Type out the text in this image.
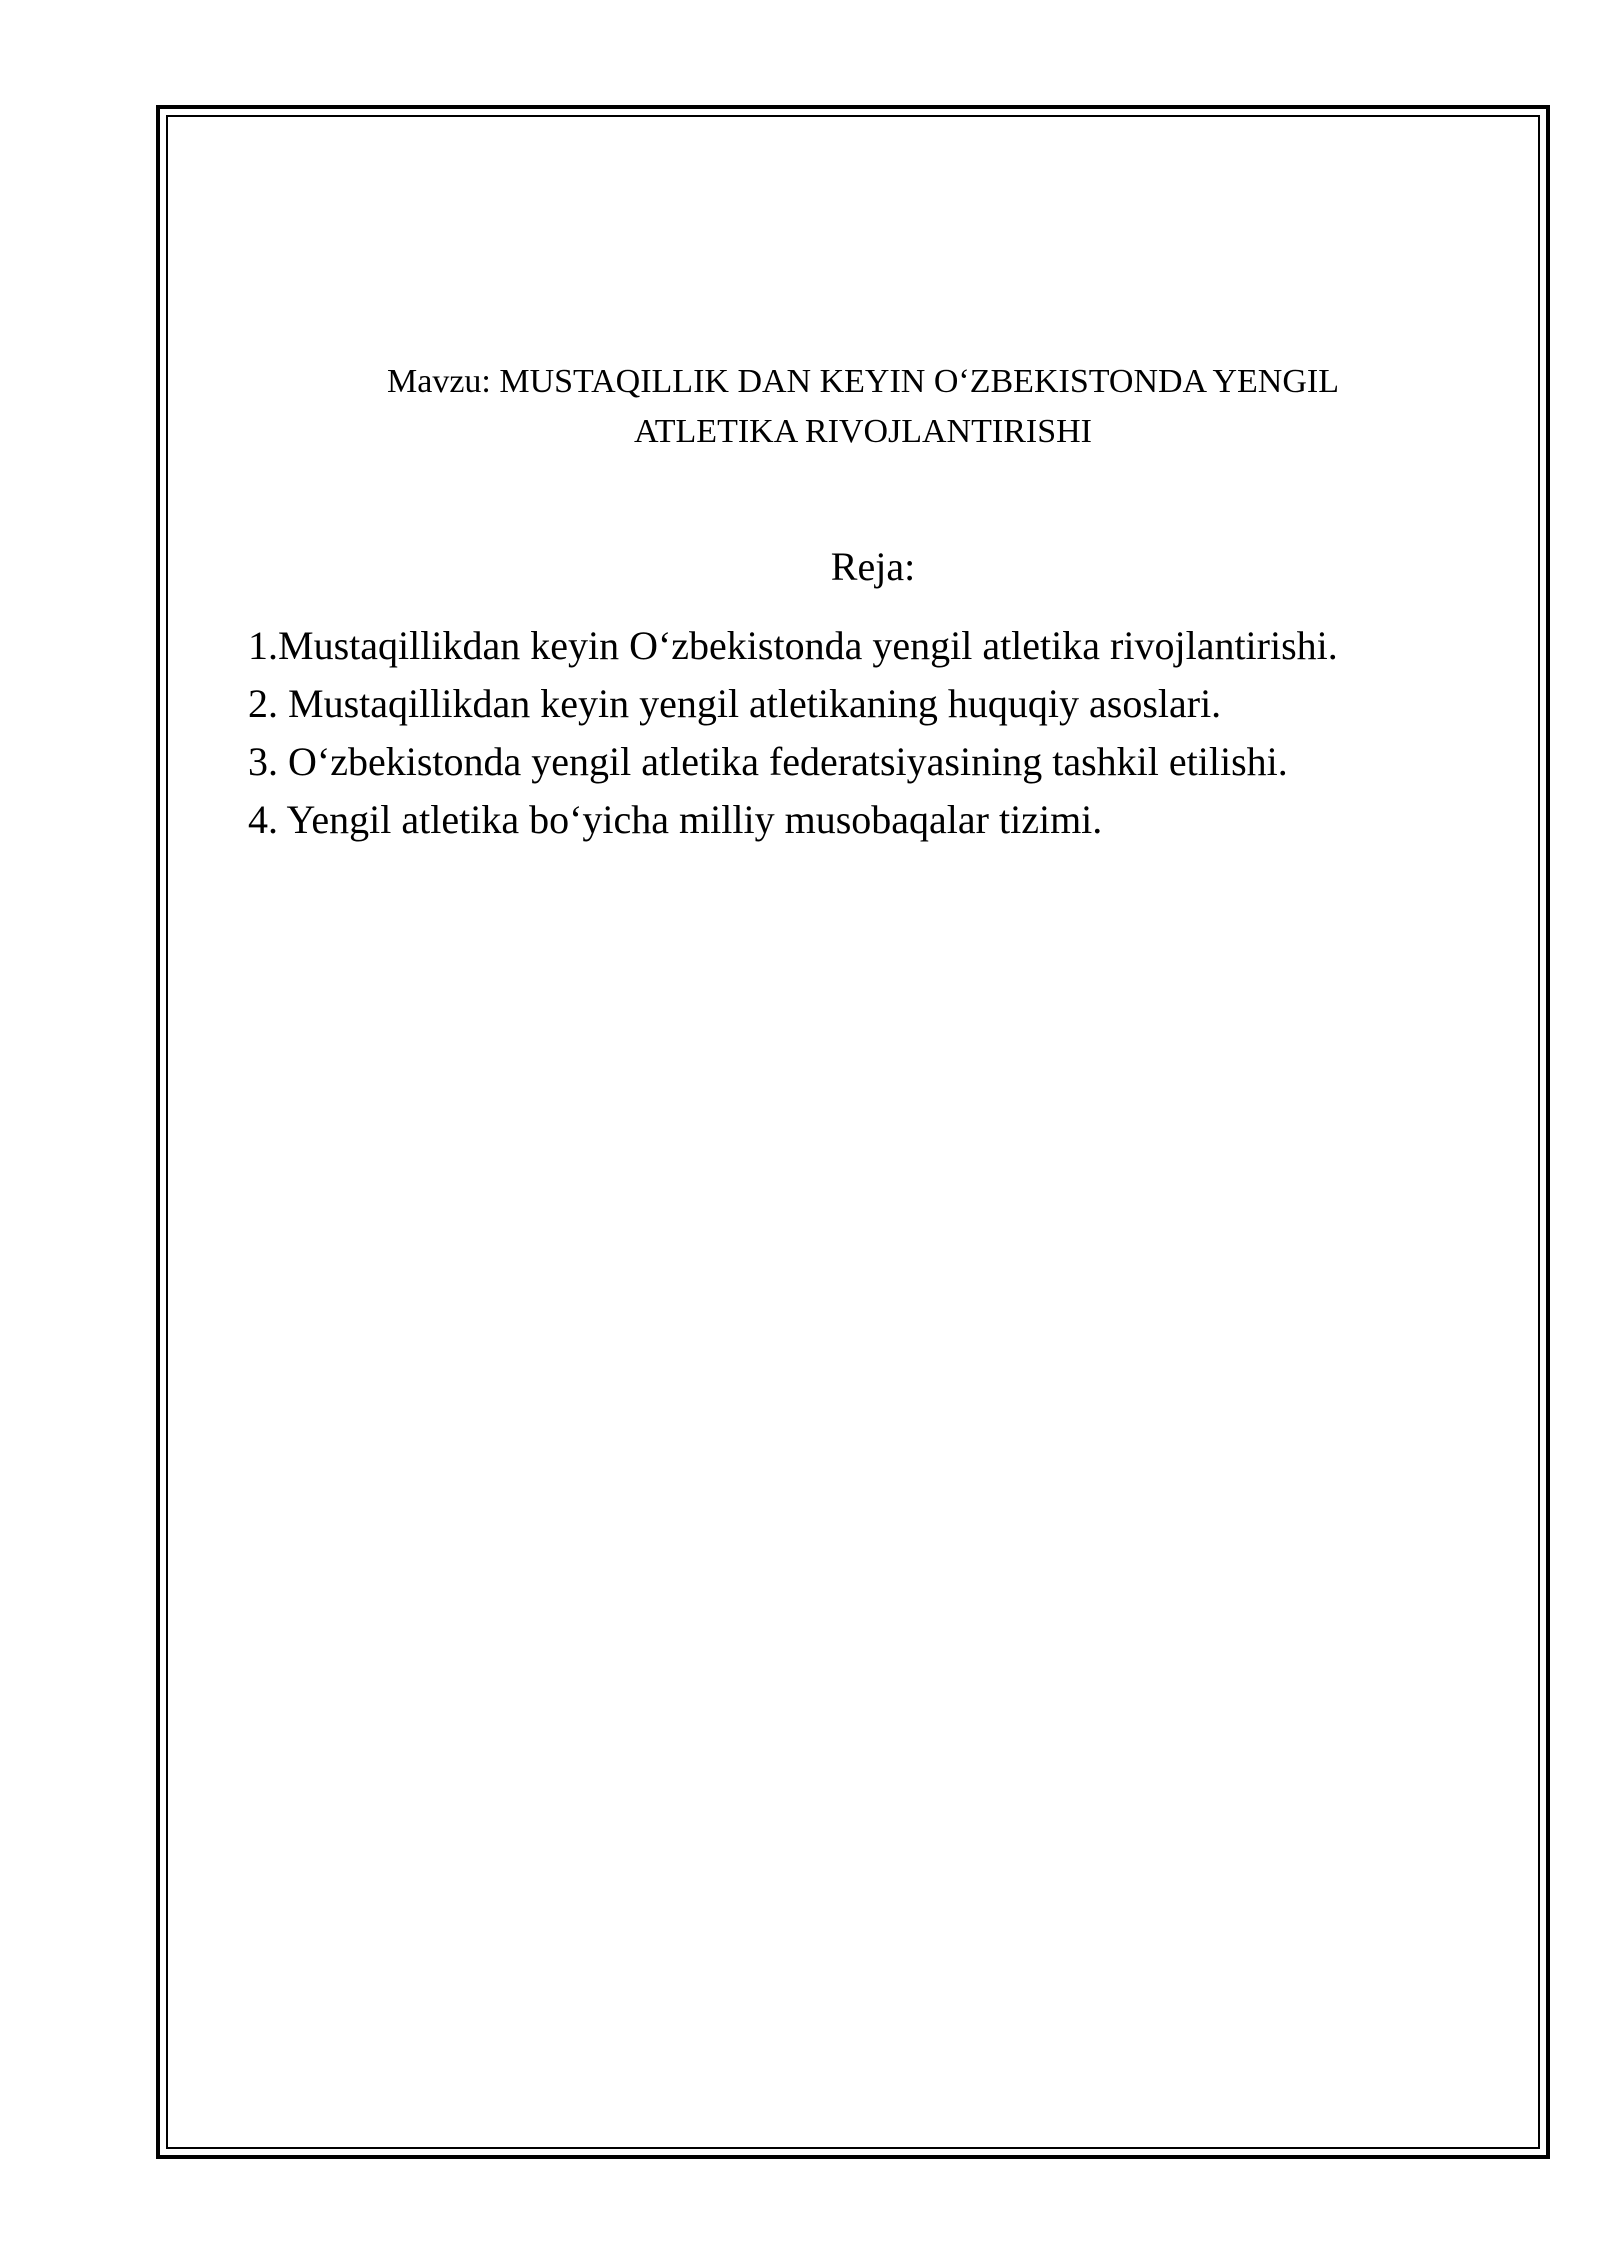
Mavzu: MUSTAQILLIK DAN KEYIN O‘ZBEKISTONDA YENGIL
ATLETIKA RIVOJLANTIRISHI
Reja:
1.Mustaqillikdan keyin O‘zbekistonda yengil atletika rivojlantirishi.
2. Mustaqillikdan keyin yengil atletikaning huquqiy asoslari.
3. O‘zbekistonda yengil atletika federatsiyasining tashkil etilishi.
4. Yengil atletika bo‘yicha milliy musobaqalar tizimi.
